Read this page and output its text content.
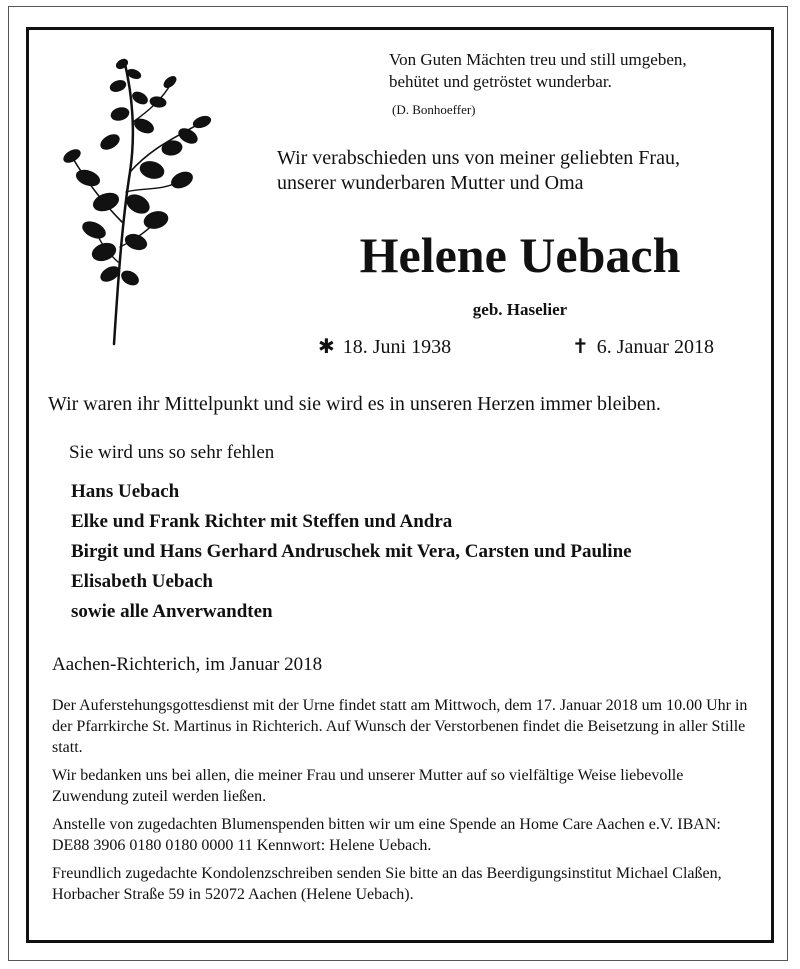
Von Guten Mächten treu und still umgeben,
behütet und getröstet wunderbar.
(D. Bonhoeffer)
Wir verabschieden uns von meiner geliebten Frau,
unserer wunderbaren Mutter und Oma
Helene Uebach
geb. Haselier
✱ 18. Juni 1938	✝ 6. Januar 2018
Wir waren ihr Mittelpunkt und sie wird es in unseren Herzen immer bleiben.
Sie wird uns so sehr fehlen
Hans Uebach
Elke und Frank Richter mit Steffen und Andra
Birgit und Hans Gerhard Andruschek mit Vera, Carsten und Pauline
Elisabeth Uebach
sowie alle Anverwandten
Aachen-Richterich, im Januar 2018

Der Auferstehungsgottesdienst mit der Urne findet statt am Mittwoch, dem 17. Januar 2018 um 10.00 Uhr in der Pfarrkirche St. Martinus in Richterich. Auf Wunsch der Verstorbenen findet die Beisetzung in aller Stille statt.

Wir bedanken uns bei allen, die meiner Frau und unserer Mutter auf so vielfältige Weise liebevolle Zuwendung zuteil werden ließen.

Anstelle von zugedachten Blumenspenden bitten wir um eine Spende an Home Care Aachen e.V. IBAN: DE88 3906 0180 0180 0000 11 Kennwort: Helene Uebach.

Freundlich zugedachte Kondolenzschreiben senden Sie bitte an das Beerdigungsinstitut Michael Claßen, Horbacher Straße 59 in 52072 Aachen (Helene Uebach).
